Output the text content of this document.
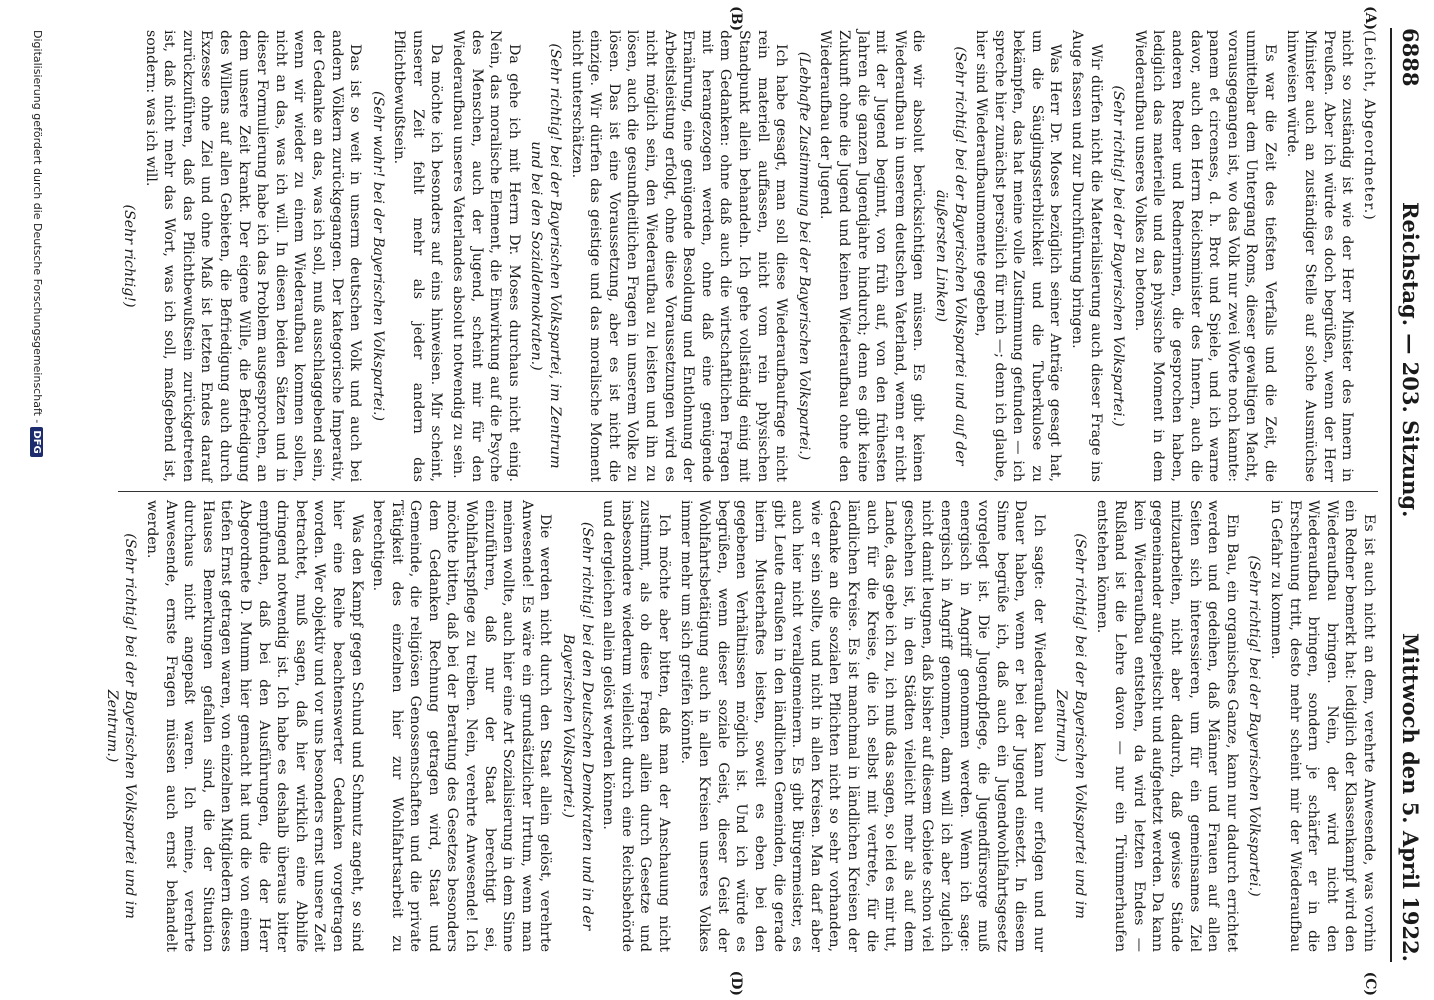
6888
Reichstag. — 203. Sitzung.
Mittwoch den 5. April 1922.
(A)
(B)
(C)
(D)

(Leicht, Abgeordneter.)

nicht so zuständig ist wie der Herr Minister des Innern in Preußen. Aber ich würde es doch begrüßen, wenn der Herr Minister auch an zuständiger Stelle auf solche Ausmüchse hinweisen würde.

Es war die Zeit des tiefsten Verfalls und die Zeit, die unmittelbar dem Untergang Roms, dieser gewaltigen Macht, vorausgegangen ist, wo das Volk nur zwei Worte noch kannte: panem et circenses, d. h. Brot und Spiele, und ich warne davor, auch den Herrn Reichsminister des Innern, auch die anderen Redner und Rednerinnen, die gesprochen haben, lediglich das materielle und das physische Moment in dem Wiederaufbau unseres Volkes zu betonen.

(Sehr richtig! bei der Bayerischen Volkspartei.)

Wir dürfen nicht die Materialisierung auch dieser Frage ins Auge fassen und zur Durchführung bringen.

Was Herr Dr. Moses bezüglich seiner Anträge gesagt hat, um die Säuglingssterblichkeit und die Tuberkulose zu bekämpfen, das hat meine volle Zustimmung gefunden — ich spreche hier zunächst persönlich für mich —; denn ich glaube, hier sind Wiederaufbaumomente gegeben,

(Sehr richtig! bei der Bayerischen Volkspartei und auf der äußersten Linken)

die wir absolut berücksichtigen müssen. Es gibt keinen Wiederaufbau in unserem deutschen Vaterland, wenn er nicht mit der Jugend beginnt, von früh auf, von den frühesten Jahren die ganzen Jugendjahre hindurch; denn es gibt keine Zukunft ohne die Jugend und keinen Wiederaufbau ohne den Wiederaufbau der Jugend.

(Lebhafte Zustimmung bei der Bayerischen Volkspartei.)

Ich habe gesagt, man soll diese Wiederaufbaufrage nicht rein materiell auffassen, nicht vom rein physischen Standpunkt allein behandeln. Ich gehe vollständig einig mit dem Gedanken: ohne daß auch die wirtschaftlichen Fragen mit herangezogen werden, ohne daß eine genügende Ernährung, eine genügende Besoldung und Entlohnung der Arbeitsleistung erfolgt, ohne diese Voraussetzungen wird es nicht möglich sein, den Wiederaufbau zu leisten und ihn zu lösen, auch die gesundheitlichen Fragen in unserem Volke zu lösen. Das ist eine Voraussetzung, aber es ist nicht die einzige. Wir dürfen das geistige und das moralische Moment nicht unterschätzen.

(Sehr richtig! bei der Bayerischen Volkspartei, im Zentrum und bei den Sozialdemokraten.)

Da gehe ich mit Herrn Dr. Moses durchaus nicht einig. Nein, das moralische Element, die Einwirkung auf die Psyche des Menschen, auch der Jugend, scheint mir für den Wiederaufbau unseres Vaterlandes absolut notwendig zu sein.

Da möchte ich besonders auf eins hinweisen. Mir scheint, unserer Zeit fehlt mehr als jeder andern das Pflichtbewußtsein.

(Sehr wahr! bei der Bayerischen Volkspartei.)

Das ist so weit in unserm deutschen Volk und auch bei andern Völkern zurückgegangen. Der kategorische Imperativ, der Gedanke an das, was ich soll, muß ausschlaggebend sein, wenn wir wieder zu einem Wiederaufbau kommen sollen, nicht an das, was ich will. In diesen beiden Sätzen und in dieser Formulierung habe ich das Problem ausgesprochen, an dem unsere Zeit krankt. Der eigene Wille, die Befriedigung des Willens auf allen Gebieten, die Befriedigung auch durch Exzesse ohne Ziel und ohne Maß ist letzten Endes darauf zurückzuführen, daß das Pflichtbewußtsein zurückgetreten ist, daß nicht mehr das Wort, was ich soll, maßgebend ist, sondern: was ich will.

(Sehr richtig!)

Es ist auch nicht an dem, verehrte Anwesende, was vorhin ein Redner bemerkt hat: lediglich der Klassenkampf wird den Wiederaufbau bringen. Nein, der wird nicht den Wiederaufbau bringen, sondern je schärfer er in die Erscheinung tritt, desto mehr scheint mir der Wiederaufbau in Gefahr zu kommen.

(Sehr richtig! bei der Bayerischen Volkspartei.)

Ein Bau, ein organisches Ganze, kann nur dadurch errichtet werden und gedeihen, daß Männer und Frauen auf allen Seiten sich interessieren, um für ein gemeinsames Ziel mitzuarbeiten, nicht aber dadurch, daß gewisse Stände gegeneinander aufgepeitscht und aufgehetzt werden. Da kann kein Wiederaufbau entstehen, da wird letzten Endes — Rußland ist die Lehre davon — nur ein Trümmerhaufen entstehen können.

(Sehr richtig! bei der Bayerischen Volkspartei und im Zentrum.)

Ich sagte: der Wiederaufbau kann nur erfolgen und nur Dauer haben, wenn er bei der Jugend einsetzt. In diesem Sinne begrüße ich, daß auch ein Jugendwohlfahrtsgesetz vorgelegt ist. Die Jugendpflege, die Jugendfürsorge muß energisch in Angriff genommen werden. Wenn ich sage: energisch in Angriff genommen, dann will ich aber zugleich nicht damit leugnen, daß bisher auf diesem Gebiete schon viel geschehen ist, in den Städten vielleicht mehr als auf dem Lande, das gebe ich zu, ich muß das sagen, so leid es mir tut, auch für die Kreise, die ich selbst mit vertrete, für die ländlichen Kreise. Es ist manchmal in ländlichen Kreisen der Gedanke an die sozialen Pflichten nicht so sehr vorhanden, wie er sein sollte, und nicht in allen Kreisen. Man darf aber auch hier nicht verallgemeinern. Es gibt Bürgermeister, es gibt Leute draußen in den ländlichen Gemeinden, die gerade hierin Musterhaftes leisten, soweit es eben bei den gegebenen Verhältnissen möglich ist. Und ich würde es begrüßen, wenn dieser soziale Geist, dieser Geist der Wohlfahrtsbetätigung auch in allen Kreisen unseres Volkes immer mehr um sich greifen könnte.

Ich möchte aber bitten, daß man der Anschauung nicht zustimmt, als ob diese Fragen allein durch Gesetze und insbesondere wiederum vielleicht durch eine Reichsbehörde und dergleichen allein gelöst werden können.

(Sehr richtig! bei den Deutschen Demokraten und in der Bayerischen Volkspartei.)

Die werden nicht durch den Staat allein gelöst, verehrte Anwesende! Es wäre ein grundsätzlicher Irrtum, wenn man meinen wollte, auch hier eine Art Sozialisierung in dem Sinne einzuführen, daß nur der Staat berechtigt sei, Wohlfahrtspflege zu treiben. Nein, verehrte Anwesende! Ich möchte bitten, daß bei der Beratung des Gesetzes besonders dem Gedanken Rechnung getragen wird, Staat und Gemeinde, die religiösen Genossenschaften und die private Tätigkeit des einzelnen hier zur Wohlfahrtsarbeit zu berechtigen.

Was den Kampf gegen Schund und Schmutz angeht, so sind hier eine Reihe beachtenswerter Gedanken vorgetragen worden. Wer objektiv und vor uns besonders ernst unsere Zeit betrachtet, muß sagen, daß hier wirklich eine Abhilfe dringend notwendig ist. Ich habe es deshalb überaus bitter empfunden, daß bei den Ausführungen, die der Herr Abgeordnete D. Mumm hier gemacht hat und die von einem tiefen Ernst getragen waren, von einzelnen Mitgliedern dieses Hauses Bemerkungen gefallen sind, die der Situation durchaus nicht angepaßt waren. Ich meine, verehrte Anwesende, ernste Fragen müssen auch ernst behandelt werden.

(Sehr richtig! bei der Bayerischen Volkspartei und im Zentrum.)

Digitalisierung gefördert durch die Deutsche Forschungsgemeinschaft -DFG
